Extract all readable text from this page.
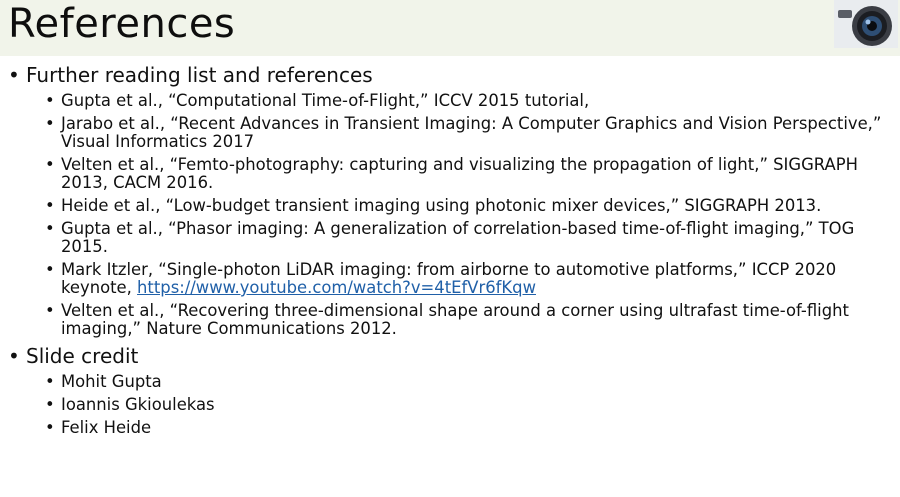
References
• Further reading list and references
• Gupta et al., “Computational Time-of-Flight,” ICCV 2015 tutorial,
• Jarabo et al., “Recent Advances in Transient Imaging: A Computer Graphics and Vision Perspective,” Visual Informatics 2017
• Velten et al., “Femto-photography: capturing and visualizing the propagation of light,” SIGGRAPH 2013, CACM 2016.
• Heide et al., “Low-budget transient imaging using photonic mixer devices,” SIGGRAPH 2013.
• Gupta et al., “Phasor imaging: A generalization of correlation-based time-of-flight imaging,” TOG 2015.
• Mark Itzler, “Single-photon LiDAR imaging: from airborne to automotive platforms,” ICCP 2020 keynote, https://www.youtube.com/watch?v=4tEfVr6fKqw
• Velten et al., “Recovering three-dimensional shape around a corner using ultrafast time-of-flight imaging,” Nature Communications 2012.
• Slide credit
• Mohit Gupta
• Ioannis Gkioulekas
• Felix Heide
